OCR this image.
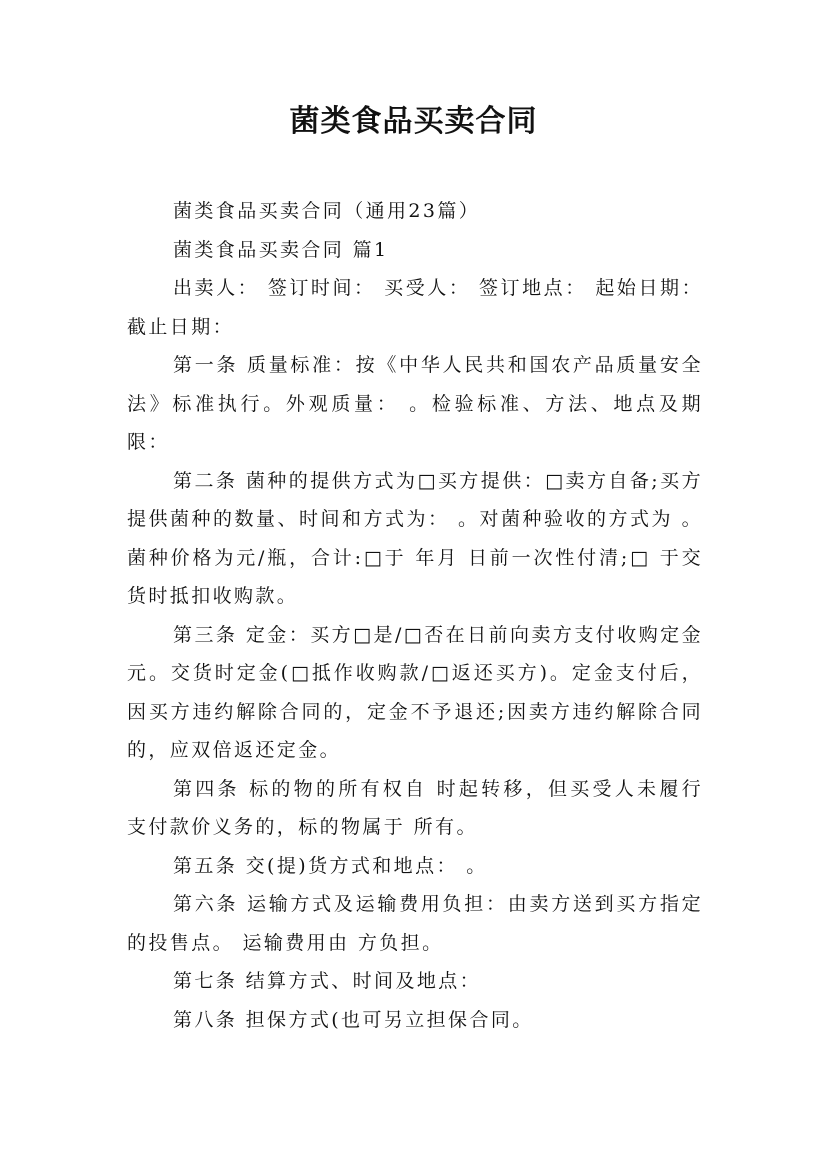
菌类食品买卖合同

菌类食品买卖合同（通用23篇）

菌类食品买卖合同 篇1

出卖人： 签订时间： 买受人： 签订地点： 起始日期： 截止日期：

第一条 质量标准：按《中华人民共和国农产品质量安全法》标准执行。外观质量： 。检验标准、方法、地点及期限：

第二条 菌种的提供方式为□买方提供：□卖方自备;买方提供菌种的数量、时间和方式为： 。对菌种验收的方式为 。菌种价格为元/瓶，合计:□于 年月 日前一次性付清;□ 于交货时抵扣收购款。

第三条 定金：买方□是/□否在日前向卖方支付收购定金 元。交货时定金(□抵作收购款/□返还买方)。定金支付后，因买方违约解除合同的，定金不予退还;因卖方违约解除合同的，应双倍返还定金。

第四条 标的物的所有权自 时起转移，但买受人未履行支付款价义务的，标的物属于 所有。

第五条 交(提)货方式和地点： 。

第六条 运输方式及运输费用负担：由卖方送到买方指定的投售点。 运输费用由 方负担。

第七条 结算方式、时间及地点：

第八条 担保方式(也可另立担保合同。
